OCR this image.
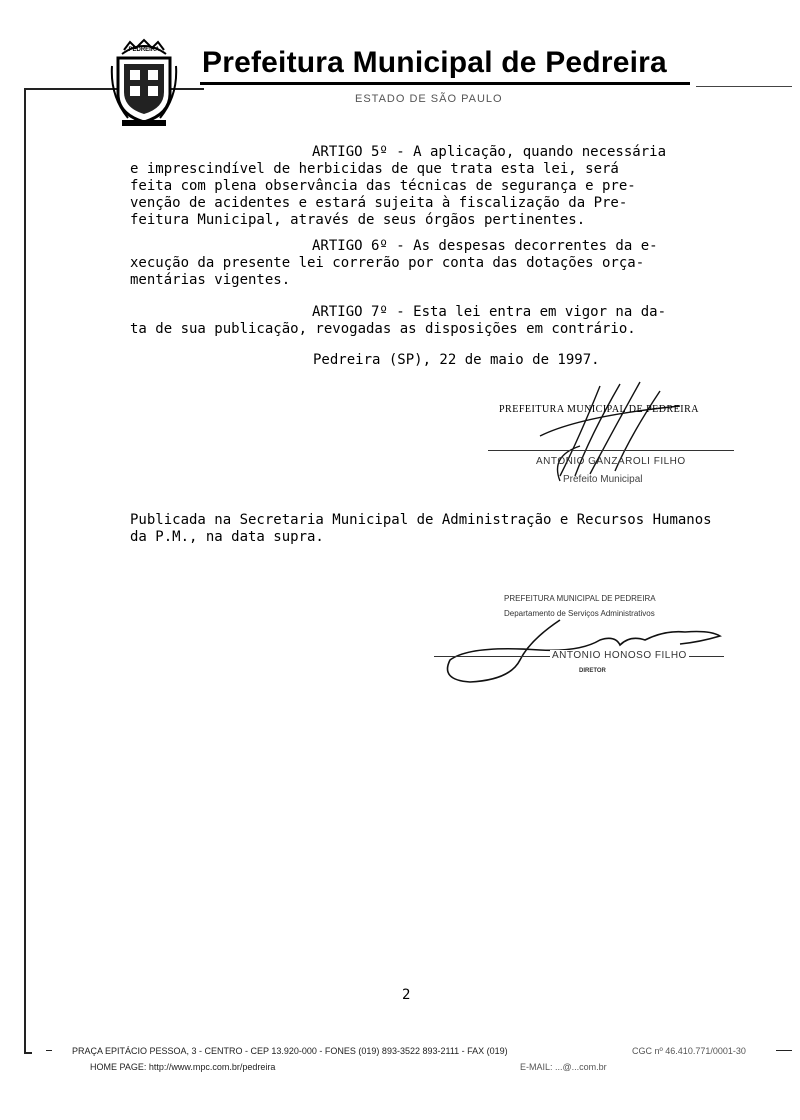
PEDREIRA Prefeitura Municipal de Pedreira
ESTADO DE SÃO PAULO
ARTIGO 5º - A aplicação, quando necessária
e imprescindível de herbicidas de que trata esta lei, será
feita com plena observância das técnicas de segurança e pre-
venção de acidentes e estará sujeita à fiscalização da Pre-
feitura Municipal, através de seus órgãos pertinentes.
ARTIGO 6º - As despesas decorrentes da e-
xecução da presente lei correrão por conta das dotações orça-
mentárias vigentes.
ARTIGO 7º - Esta lei entra em vigor na da-
ta de sua publicação, revogadas as disposições em contrário.
Pedreira (SP), 22 de maio de 1997.
Publicada na Secretaria Municipal de Administração e Recursos Humanos da P.M., na data supra.
PREFEITURA MUNICIPAL DE PEDREIRA
ANTONIO GANZAROLI FILHO
Prefeito Municipal
PREFEITURA MUNICIPAL DE PEDREIRA
Departamento de Serviços Administrativos
ANTONIO HONOSO FILHO
DIRETOR
2
PRAÇA EPITÁCIO PESSOA, 3 - CENTRO - CEP 13.920-000 - FONES (019) 893-3522 893-2111 - FAX (019)	CGC nº 46.410.771/0001-30
HOME PAGE: http://www.mpc.com.br/pedreira	E-MAIL: ...@...com.br
